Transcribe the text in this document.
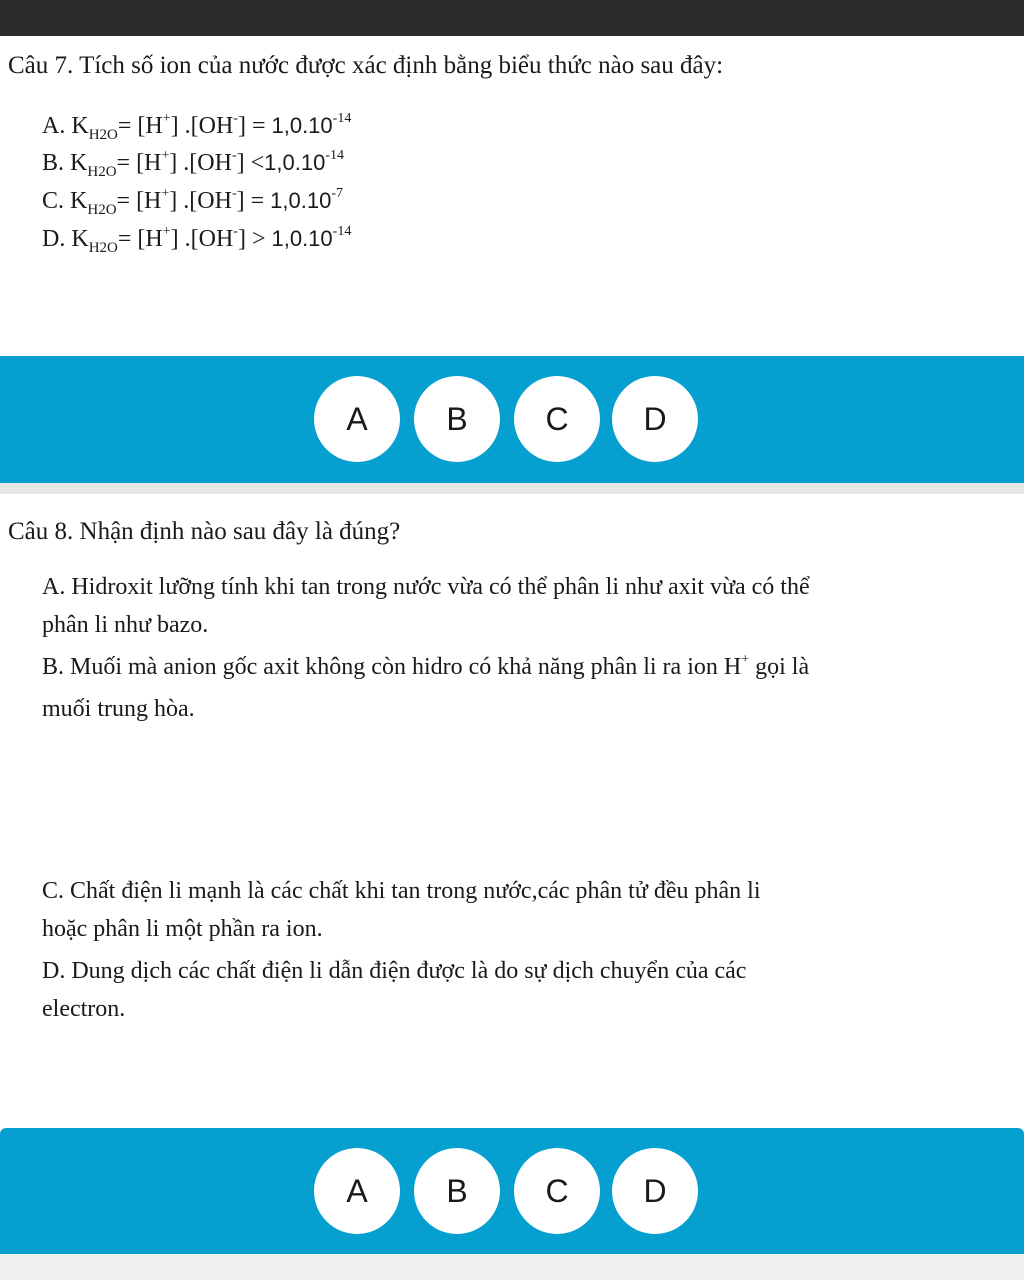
Câu 7. Tích số ion của nước được xác định bằng biểu thức nào sau đây:
A. $K_{H2O}= [H^+] .[OH^-] = 1,0.10^{-14}$
B. $K_{H2O}= [H^+]$ $.[OH^-] <1,0.10^{-14}$
C. $K_{H2O}= [H^+] .[OH^-] = 1,0.10^{-7}$
D. $K_{H2O}= [H^+] .[OH^-] > 1,0.10^{-14}$
A	B	C	D
Câu 8. Nhận định nào sau đây là đúng?
A. Hidroxit lưỡng tính khi tan trong nước vừa có thể phân li như axit vừa có thể
phân li như bazo.
B. Muối mà anion gốc axit không còn hidro có khả năng phân li ra ion H+ gọi là
muối trung hòa.
C. Chất điện li mạnh là các chất khi tan trong nước,các phân tử đều phân li
hoặc phân li một phần ra ion.
D. Dung dịch các chất điện li dẫn điện được là do sự dịch chuyển của các
electron.
A	B	C	D
